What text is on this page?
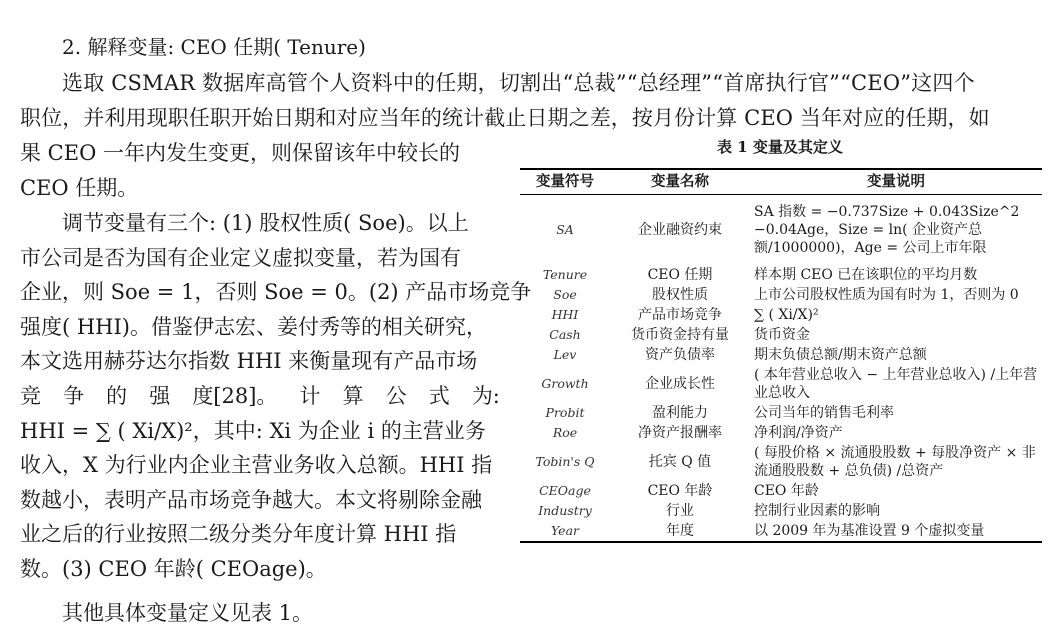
2. 解释变量: CEO 任期( Tenure)
选取 CSMAR 数据库高管个人资料中的任期，切割出“总裁”“总经理”“首席执行官”“CEO”这四个
职位，并利用现职任职开始日期和对应当年的统计截止日期之差，按月份计算 CEO 当年对应的任期，如
果 CEO 一年内发生变更，则保留该年中较长的
CEO 任期。
调节变量有三个: (1) 股权性质( Soe)。以上
市公司是否为国有企业定义虚拟变量，若为国有
企业，则 Soe = 1，否则 Soe = 0。(2) 产品市场竞争
强度( HHI)。借鉴伊志宏、姜付秀等的相关研究，
本文选用赫芬达尔指数 HHI 来衡量现有产品市场
竞 争 的 强 度[28]。 计 算 公 式 为:
HHI = ∑ ( Xi/X)²，其中: Xi 为企业 i 的主营业务
收入，X 为行业内企业主营业务收入总额。HHI 指
数越小，表明产品市场竞争越大。本文将剔除金融
业之后的行业按照二级分类分年度计算 HHI 指
数。(3) CEO 年龄( CEOage)。
其他具体变量定义见表 1。
表 1 变量及其定义
变量符号	变量名称	变量说明
SA	企业融资约束	SA 指数 = −0.737Size + 0.043Size^2 −0.04Age，Size = ln( 企业资产总额/1000000)，Age = 公司上市年限
Tenure	CEO 任期	样本期 CEO 已在该职位的平均月数
Soe	股权性质	上市公司股权性质为国有时为 1，否则为 0
HHI	产品市场竞争	∑ ( Xi/X)²
Cash	货币资金持有量	货币资金
Lev	资产负债率	期末负债总额/期末资产总额
Growth	企业成长性	( 本年营业总收入 − 上年营业总收入) /上年营业总收入
Probit	盈利能力	公司当年的销售毛利率
Roe	净资产报酬率	净利润/净资产
Tobin's Q	托宾 Q 值	( 每股价格 × 流通股股数 + 每股净资产 × 非流通股股数 + 总负债) /总资产
CEOage	CEO 年龄	CEO 年龄
Industry	行业	控制行业因素的影响
Year	年度	以 2009 年为基准设置 9 个虚拟变量
